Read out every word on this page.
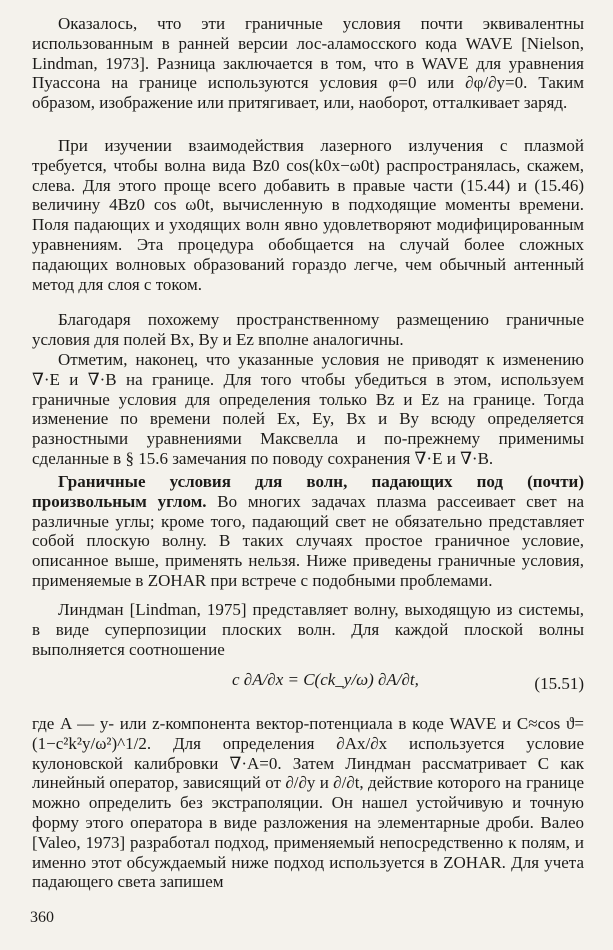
Оказалось, что эти граничные условия почти эквивалентны использованным в ранней версии лос-аламосского кода WAVE [Nielson, Lindman, 1973]. Разница заключается в том, что в WAVE для уравнения Пуассона на границе используются условия φ=0 или ∂φ/∂y=0. Таким образом, изображение или притягивает, или, наоборот, отталкивает заряд.

При изучении взаимодействия лазерного излучения с плазмой требуется, чтобы волна вида Bz0 cos(k0x−ω0t) распространялась, скажем, слева. Для этого проще всего добавить в правые части (15.44) и (15.46) величину 4Bz0 cos ω0t, вычисленную в подходящие моменты времени. Поля падающих и уходящих волн явно удовлетворяют модифицированным уравнениям. Эта процедура обобщается на случай более сложных падающих волновых образований гораздо легче, чем обычный антенный метод для слоя с током.

Благодаря похожему пространственному размещению граничные условия для полей Bx, By и Ez вполне аналогичны.

Отметим, наконец, что указанные условия не приводят к изменению ∇·E и ∇·B на границе. Для того чтобы убедиться в этом, используем граничные условия для определения только Bz и Ez на границе. Тогда изменение по времени полей Ex, Ey, Bx и By всюду определяется разностными уравнениями Максвелла и по-прежнему применимы сделанные в § 15.6 замечания по поводу сохранения ∇·E и ∇·B.

Граничные условия для волн, падающих под (почти) произвольным углом. Во многих задачах плазма рассеивает свет на различные углы; кроме того, падающий свет не обязательно представляет собой плоскую волну. В таких случаях простое граничное условие, описанное выше, применять нельзя. Ниже приведены граничные условия, применяемые в ZOHAR при встрече с подобными проблемами.

Линдман [Lindman, 1975] представляет волну, выходящую из системы, в виде суперпозиции плоских волн. Для каждой плоской волны выполняется соотношение

c ∂A/∂x = C(ck_y/ω) ∂A/∂t,	(15.51)

где A — y- или z-компонента вектор-потенциала в коде WAVE и C≈cos ϑ=(1−c²k²y/ω²)^1/2. Для определения ∂Ax/∂x используется условие кулоновской калибровки ∇·A=0. Затем Линдман рассматривает C как линейный оператор, зависящий от ∂/∂y и ∂/∂t, действие которого на границе можно определить без экстраполяции. Он нашел устойчивую и точную форму этого оператора в виде разложения на элементарные дроби. Валео [Valeo, 1973] разработал подход, применяемый непосредственно к полям, и именно этот обсуждаемый ниже подход используется в ZOHAR. Для учета падающего света запишем

360
